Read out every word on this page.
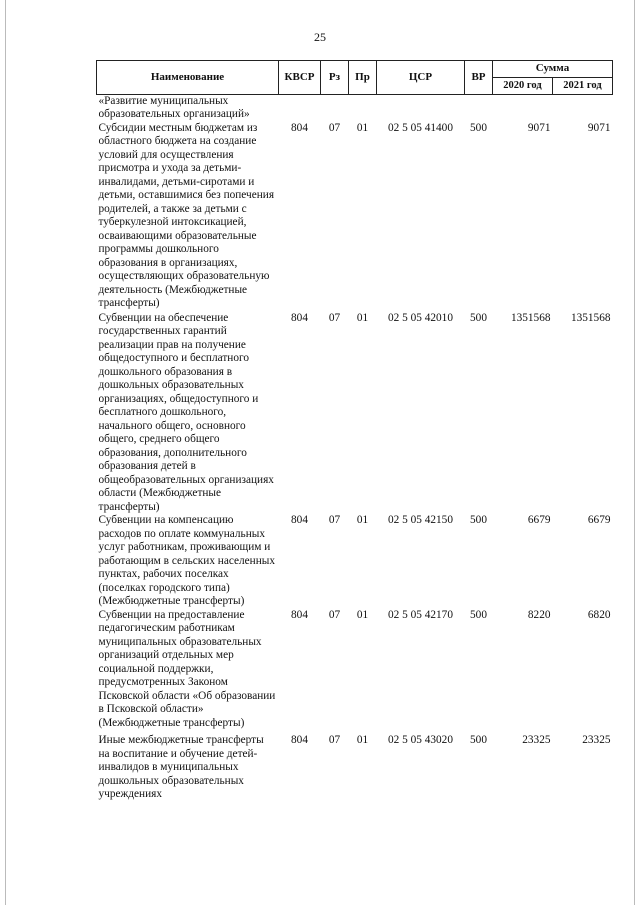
25
Наименование	КВСР	Рз	Пр	ЦСР	ВР	Сумма	
						2020 год	2021 год
«Развитие муниципальных образовательных организаций»							
Субсидии местным бюджетам из областного бюджета на создание условий для осуществления присмотра и ухода за детьми-инвалидами, детьми-сиротами и детьми, оставшимися без попечения родителей, а также за детьми с туберкулезной интоксикацией, осваивающими образовательные программы дошкольного образования в организациях, осуществляющих образовательную деятельность (Межбюджетные трансферты)	804	07	01	02 5 05 41400	500	9071	9071
Субвенции на обеспечение государственных гарантий реализации прав на получение общедоступного и бесплатного дошкольного образования в дошкольных образовательных организациях, общедоступного и бесплатного дошкольного, начального общего, основного общего, среднего общего образования, дополнительного образования детей в общеобразовательных организациях области (Межбюджетные трансферты)	804	07	01	02 5 05 42010	500	1351568	1351568
Субвенции на компенсацию расходов по оплате коммунальных услуг работникам, проживающим и работающим в сельских населенных пунктах, рабочих поселках (поселках городского типа) (Межбюджетные трансферты)	804	07	01	02 5 05 42150	500	6679	6679
Субвенции на предоставление педагогическим работникам муниципальных образовательных организаций отдельных мер социальной поддержки, предусмотренных Законом Псковской области «Об образовании в Псковской области» (Межбюджетные трансферты)	804	07	01	02 5 05 42170	500	8220	6820
Иные межбюджетные трансферты на воспитание и обучение детей-инвалидов в муниципальных дошкольных образовательных учреждениях	804	07	01	02 5 05 43020	500	23325	23325
